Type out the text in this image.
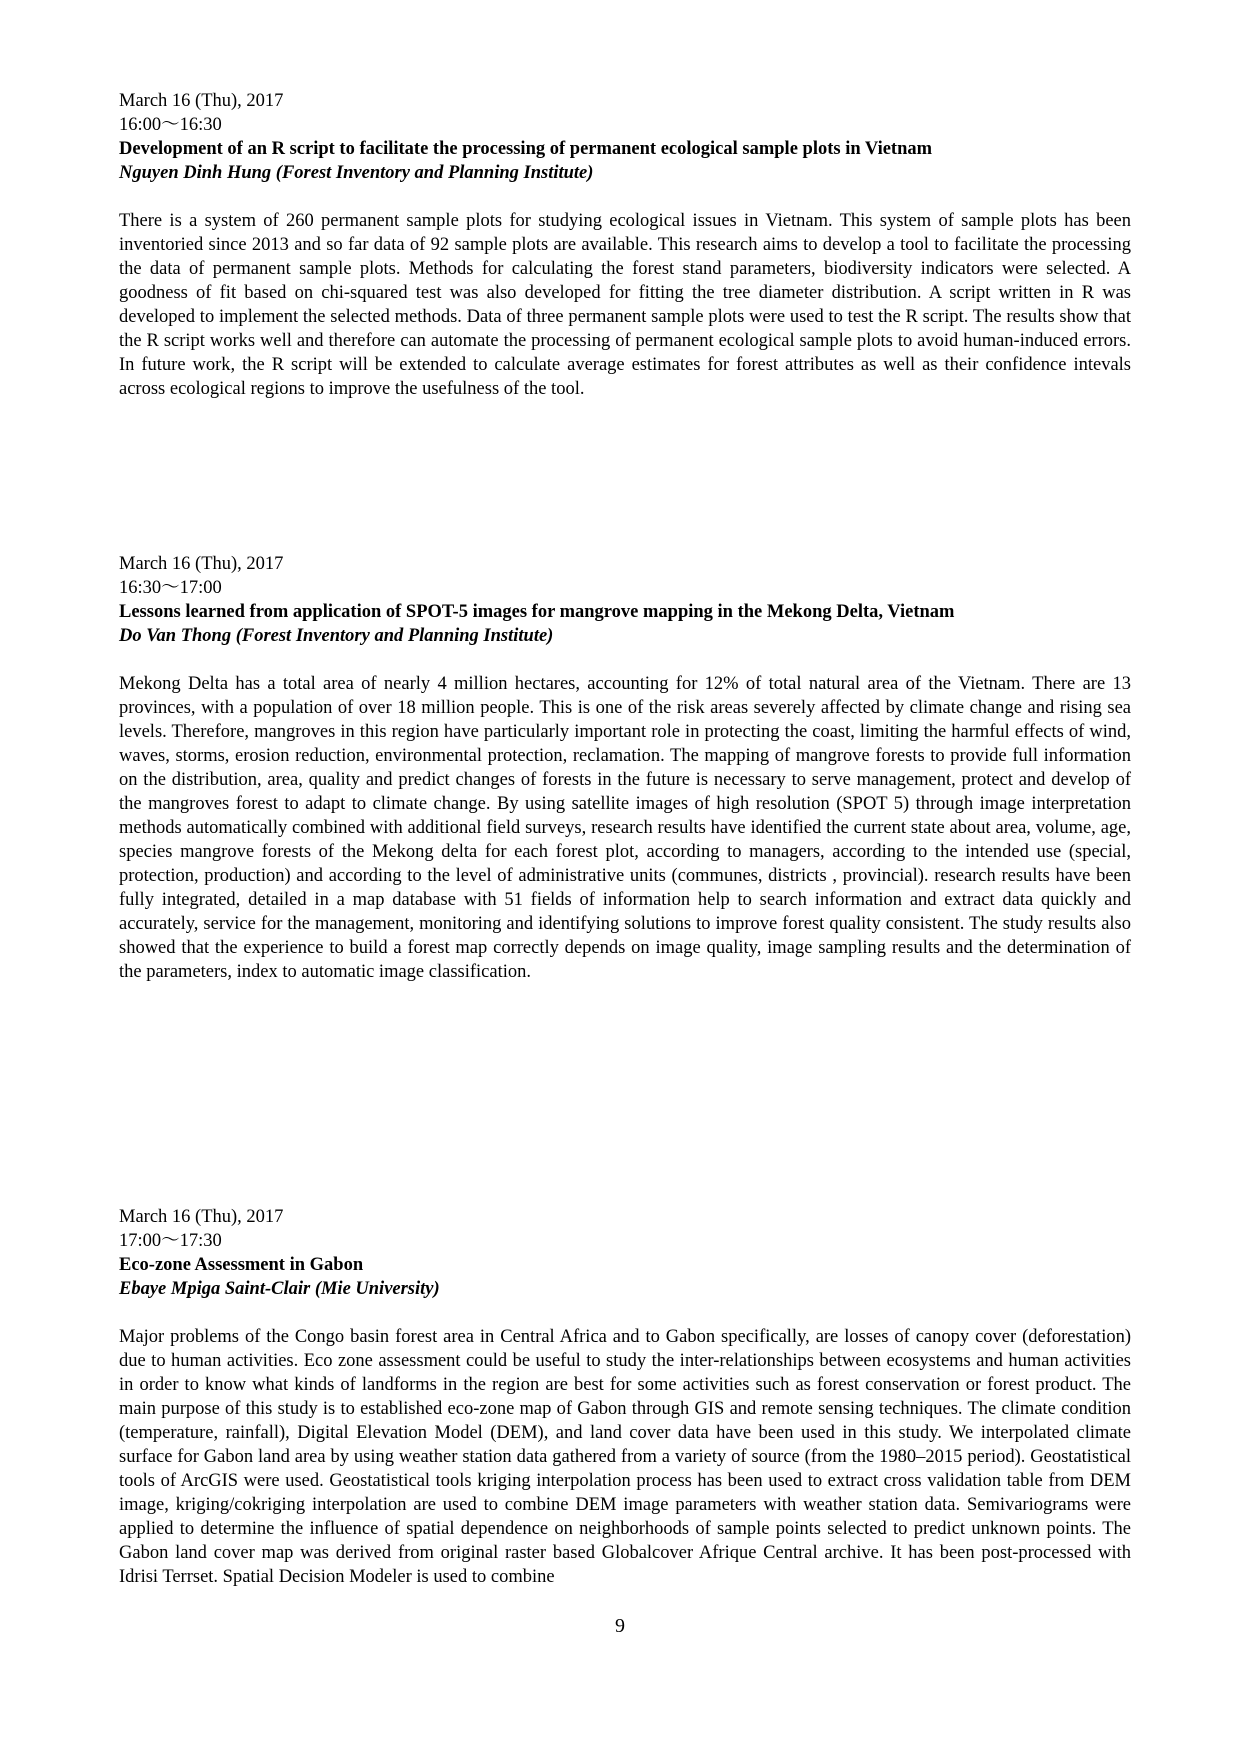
March 16 (Thu), 2017
16:00～16:30
Development of an R script to facilitate the processing of permanent ecological sample plots in Vietnam
Nguyen Dinh Hung (Forest Inventory and Planning Institute)
There is a system of 260 permanent sample plots for studying ecological issues in Vietnam. This system of sample plots has been inventoried since 2013 and so far data of 92 sample plots are available. This research aims to develop a tool to facilitate the processing the data of permanent sample plots. Methods for calculating the forest stand parameters, biodiversity indicators were selected. A goodness of fit based on chi-squared test was also developed for fitting the tree diameter distribution. A script written in R was developed to implement the selected methods. Data of three permanent sample plots were used to test the R script. The results show that the R script works well and therefore can automate the processing of permanent ecological sample plots to avoid human-induced errors. In future work, the R script will be extended to calculate average estimates for forest attributes as well as their confidence intevals across ecological regions to improve the usefulness of the tool.
March 16 (Thu), 2017
16:30～17:00
Lessons learned from application of SPOT-5 images for mangrove mapping in the Mekong Delta, Vietnam
Do Van Thong (Forest Inventory and Planning Institute)
Mekong Delta has a total area of nearly 4 million hectares, accounting for 12% of total natural area of the Vietnam. There are 13 provinces, with a population of over 18 million people. This is one of the risk areas severely affected by climate change and rising sea levels. Therefore, mangroves in this region have particularly important role in protecting the coast, limiting the harmful effects of wind, waves, storms, erosion reduction, environmental protection, reclamation. The mapping of mangrove forests to provide full information on the distribution, area, quality and predict changes of forests in the future is necessary to serve management, protect and develop of the mangroves forest to adapt to climate change. By using satellite images of high resolution (SPOT 5) through image interpretation methods automatically combined with additional field surveys, research results have identified the current state about area, volume, age, species mangrove forests of the Mekong delta for each forest plot, according to managers, according to the intended use (special, protection, production) and according to the level of administrative units (communes, districts , provincial). research results have been fully integrated, detailed in a map database with 51 fields of information help to search information and extract data quickly and accurately, service for the management, monitoring and identifying solutions to improve forest quality consistent. The study results also showed that the experience to build a forest map correctly depends on image quality, image sampling results and the determination of the parameters, index to automatic image classification.
March 16 (Thu), 2017
17:00～17:30
Eco-zone Assessment in Gabon
Ebaye Mpiga Saint-Clair (Mie University)
Major problems of the Congo basin forest area in Central Africa and to Gabon specifically, are losses of canopy cover (deforestation) due to human activities. Eco zone assessment could be useful to study the inter-relationships between ecosystems and human activities in order to know what kinds of landforms in the region are best for some activities such as forest conservation or forest product. The main purpose of this study is to established eco-zone map of Gabon through GIS and remote sensing techniques. The climate condition (temperature, rainfall), Digital Elevation Model (DEM), and land cover data have been used in this study. We interpolated climate surface for Gabon land area by using weather station data gathered from a variety of source (from the 1980–2015 period). Geostatistical tools of ArcGIS were used. Geostatistical tools kriging interpolation process has been used to extract cross validation table from DEM image, kriging/cokriging interpolation are used to combine DEM image parameters with weather station data. Semivariograms were applied to determine the influence of spatial dependence on neighborhoods of sample points selected to predict unknown points. The Gabon land cover map was derived from original raster based Globalcover Afrique Central archive. It has been post-processed with Idrisi Terrset. Spatial Decision Modeler is used to combine
9
